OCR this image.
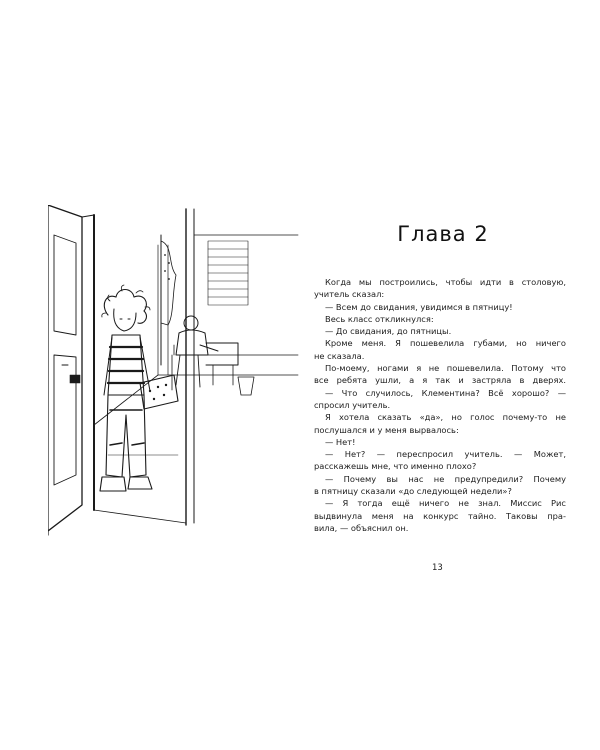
Глава 2
Когда мы построились, чтобы идти в столовую,
учитель сказал:
— Всем до свидания, увидимся в пятницу!
Весь класс откликнулся:
— До свидания, до пятницы.
Кроме меня. Я пошевелила губами, но ничего
не сказала.
По-моему, ногами я не пошевелила. Потому что
все ребята ушли, а я так и застряла в дверях.
— Что случилось, Клементина? Всё хорошо? —
спросил учитель.
Я хотела сказать «да», но голос почему-то не
послушался и у меня вырвалось:
— Нет!
— Нет? — переспросил учитель. — Может,
расскажешь мне, что именно плохо?
— Почему вы нас не предупредили? Почему
в пятницу сказали «до следующей недели»?
— Я тогда ещё ничего не знал. Миссис Рис
выдвинула меня на конкурс тайно. Таковы пра-
вила, — объяснил он.
13
